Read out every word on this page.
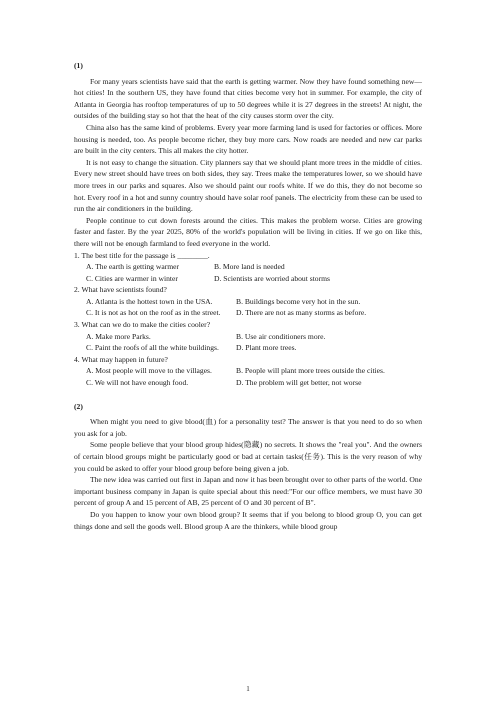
(1)

For many years scientists have said that the earth is getting warmer. Now they have found something new—hot cities! In the southern US, they have found that cities become very hot in summer. For example, the city of Atlanta in Georgia has rooftop temperatures of up to 50 degrees while it is 27 degrees in the streets! At night, the outsides of the building stay so hot that the heat of the city causes storm over the city.

China also has the same kind of problems. Every year more farming land is used for factories or offices. More housing is needed, too. As people become richer, they buy more cars. Now roads are needed and new car parks are built in the city centers. This all makes the city hotter.

It is not easy to change the situation. City planners say that we should plant more trees in the middle of cities. Every new street should have trees on both sides, they say. Trees make the temperatures lower, so we should have more trees in our parks and squares. Also we should paint our roofs white. If we do this, they do not become so hot. Every roof in a hot and sunny country should have solar roof panels. The electricity from these can be used to run the air conditioners in the building.

People continue to cut down forests around the cities. This makes the problem worse. Cities are growing faster and faster. By the year 2025, 80% of the world's population will be living in cities. If we go on like this, there will not be enough farmland to feed everyone in the world.

1. The best title for the passage is ________.
A. The earth is getting warmer	B. More land is needed
C. Cities are warmer in winter	D. Scientists are worried about storms
2. What have scientists found?
A. Atlanta is the hottest town in the USA.	B. Buildings become very hot in the sun.
C. It is not as hot on the roof as in the street.	D. There are not as many storms as before.
3. What can we do to make the cities cooler?
A. Make more Parks.	B. Use air conditioners more.
C. Paint the roofs of all the white buildings.	D. Plant more trees.
4. What may happen in future?
A. Most people will move to the villages.	B. People will plant more trees outside the cities.
C. We will not have enough food.	D. The problem will get better, not worse
(2)

When might you need to give blood(血) for a personality test? The answer is that you need to do so when you ask for a job.

Some people believe that your blood group hides(隐藏) no secrets. It shows the "real you". And the owners of certain blood groups might be particularly good or bad at certain tasks(任务). This is the very reason of why you could be asked to offer your blood group before being given a job.

The new idea was carried out first in Japan and now it has been brought over to other parts of the world. One important business company in Japan is quite special about this need:"For our office members, we must have 30 percent of group A and 15 percent of AB, 25 percent of O and 30 percent of B".

Do you happen to know your own blood group? It seems that if you belong to blood group O, you can get things done and sell the goods well. Blood group A are the thinkers, while blood group

1
